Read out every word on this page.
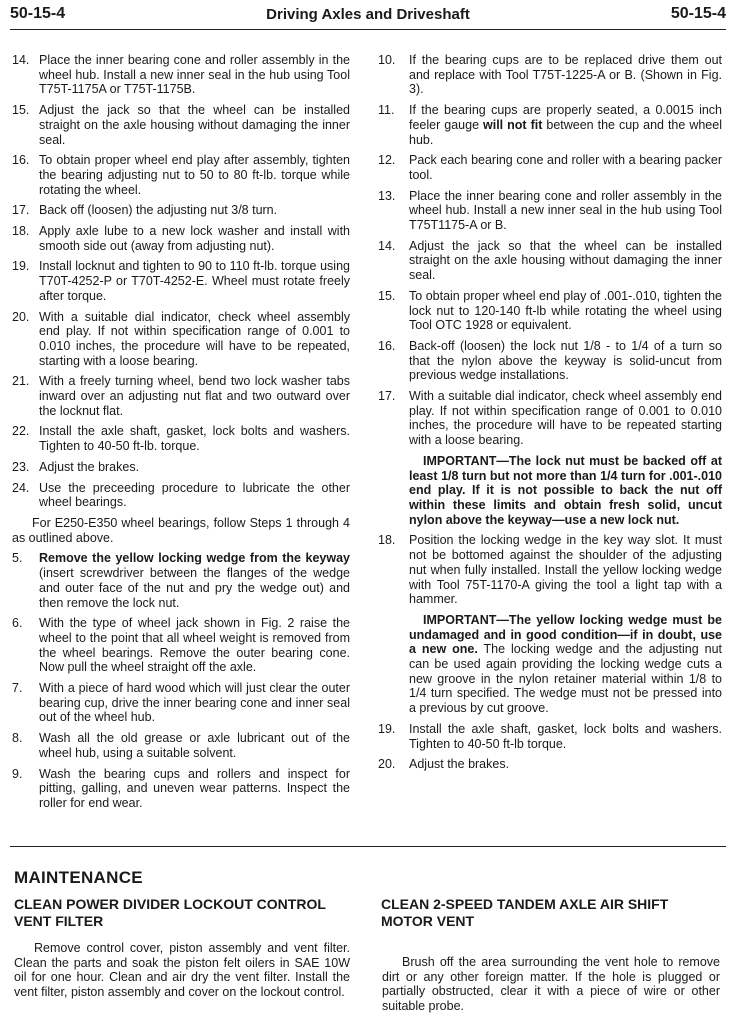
50-15-4	Driving Axles and Driveshaft	50-15-4
14. Place the inner bearing cone and roller assembly in the wheel hub. Install a new inner seal in the hub using Tool T75T-1175A or T75T-1175B.
15. Adjust the jack so that the wheel can be installed straight on the axle housing without damaging the inner seal.
16. To obtain proper wheel end play after assembly, tighten the bearing adjusting nut to 50 to 80 ft-lb. torque while rotating the wheel.
17. Back off (loosen) the adjusting nut 3/8 turn.
18. Apply axle lube to a new lock washer and install with smooth side out (away from adjusting nut).
19. Install locknut and tighten to 90 to 110 ft-lb. torque using T70T-4252-P or T70T-4252-E. Wheel must rotate freely after torque.
20. With a suitable dial indicator, check wheel assembly end play. If not within specification range of 0.001 to 0.010 inches, the procedure will have to be repeated, starting with a loose bearing.
21. With a freely turning wheel, bend two lock washer tabs inward over an adjusting nut flat and two outward over the locknut flat.
22. Install the axle shaft, gasket, lock bolts and washers. Tighten to 40-50 ft-lb. torque.
23. Adjust the brakes.
24. Use the preceeding procedure to lubricate the other wheel bearings.
For E250-E350 wheel bearings, follow Steps 1 through 4 as outlined above.
5. Remove the yellow locking wedge from the keyway (insert screwdriver between the flanges of the wedge and outer face of the nut and pry the wedge out) and then remove the lock nut.
6. With the type of wheel jack shown in Fig. 2 raise the wheel to the point that all wheel weight is removed from the wheel bearings. Remove the outer bearing cone. Now pull the wheel straight off the axle.
7. With a piece of hard wood which will just clear the outer bearing cup, drive the inner bearing cone and inner seal out of the wheel hub.
8. Wash all the old grease or axle lubricant out of the wheel hub, using a suitable solvent.
9. Wash the bearing cups and rollers and inspect for pitting, galling, and uneven wear patterns. Inspect the roller for end wear.
10. If the bearing cups are to be replaced drive them out and replace with Tool T75T-1225-A or B. (Shown in Fig. 3).
11. If the bearing cups are properly seated, a 0.0015 inch feeler gauge will not fit between the cup and the wheel hub.
12. Pack each bearing cone and roller with a bearing packer tool.
13. Place the inner bearing cone and roller assembly in the wheel hub. Install a new inner seal in the hub using Tool T75T1175-A or B.
14. Adjust the jack so that the wheel can be installed straight on the axle housing without damaging the inner seal.
15. To obtain proper wheel end play of .001-.010, tighten the lock nut to 120-140 ft-lb while rotating the wheel using Tool OTC 1928 or equivalent.
16. Back-off (loosen) the lock nut 1/8 - to 1/4 of a turn so that the nylon above the keyway is solid-uncut from previous wedge installations.
17. With a suitable dial indicator, check wheel assembly end play. If not within specification range of 0.001 to 0.010 inches, the procedure will have to be repeated starting with a loose bearing.
IMPORTANT—The lock nut must be backed off at least 1/8 turn but not more than 1/4 turn for .001-.010 end play. If it is not possible to back the nut off within these limits and obtain fresh solid, uncut nylon above the keyway—use a new lock nut.
18. Position the locking wedge in the key way slot. It must not be bottomed against the shoulder of the adjusting nut when fully installed. Install the yellow locking wedge with Tool 75T-1170-A giving the tool a light tap with a hammer.
IMPORTANT—The yellow locking wedge must be undamaged and in good condition—if in doubt, use a new one. The locking wedge and the adjusting nut can be used again providing the locking wedge cuts a new groove in the nylon retainer material within 1/8 to 1/4 turn specified. The wedge must not be pressed into a previous by cut groove.
19. Install the axle shaft, gasket, lock bolts and washers. Tighten to 40-50 ft-lb torque.
20. Adjust the brakes.
MAINTENANCE
CLEAN POWER DIVIDER LOCKOUT CONTROL VENT FILTER
Remove control cover, piston assembly and vent filter. Clean the parts and soak the piston felt oilers in SAE 10W oil for one hour. Clean and air dry the vent filter. Install the vent filter, piston assembly and cover on the lockout control.
CLEAN 2-SPEED TANDEM AXLE AIR SHIFT MOTOR VENT
Brush off the area surrounding the vent hole to remove dirt or any other foreign matter. If the hole is plugged or partially obstructed, clear it with a piece of wire or other suitable probe.
